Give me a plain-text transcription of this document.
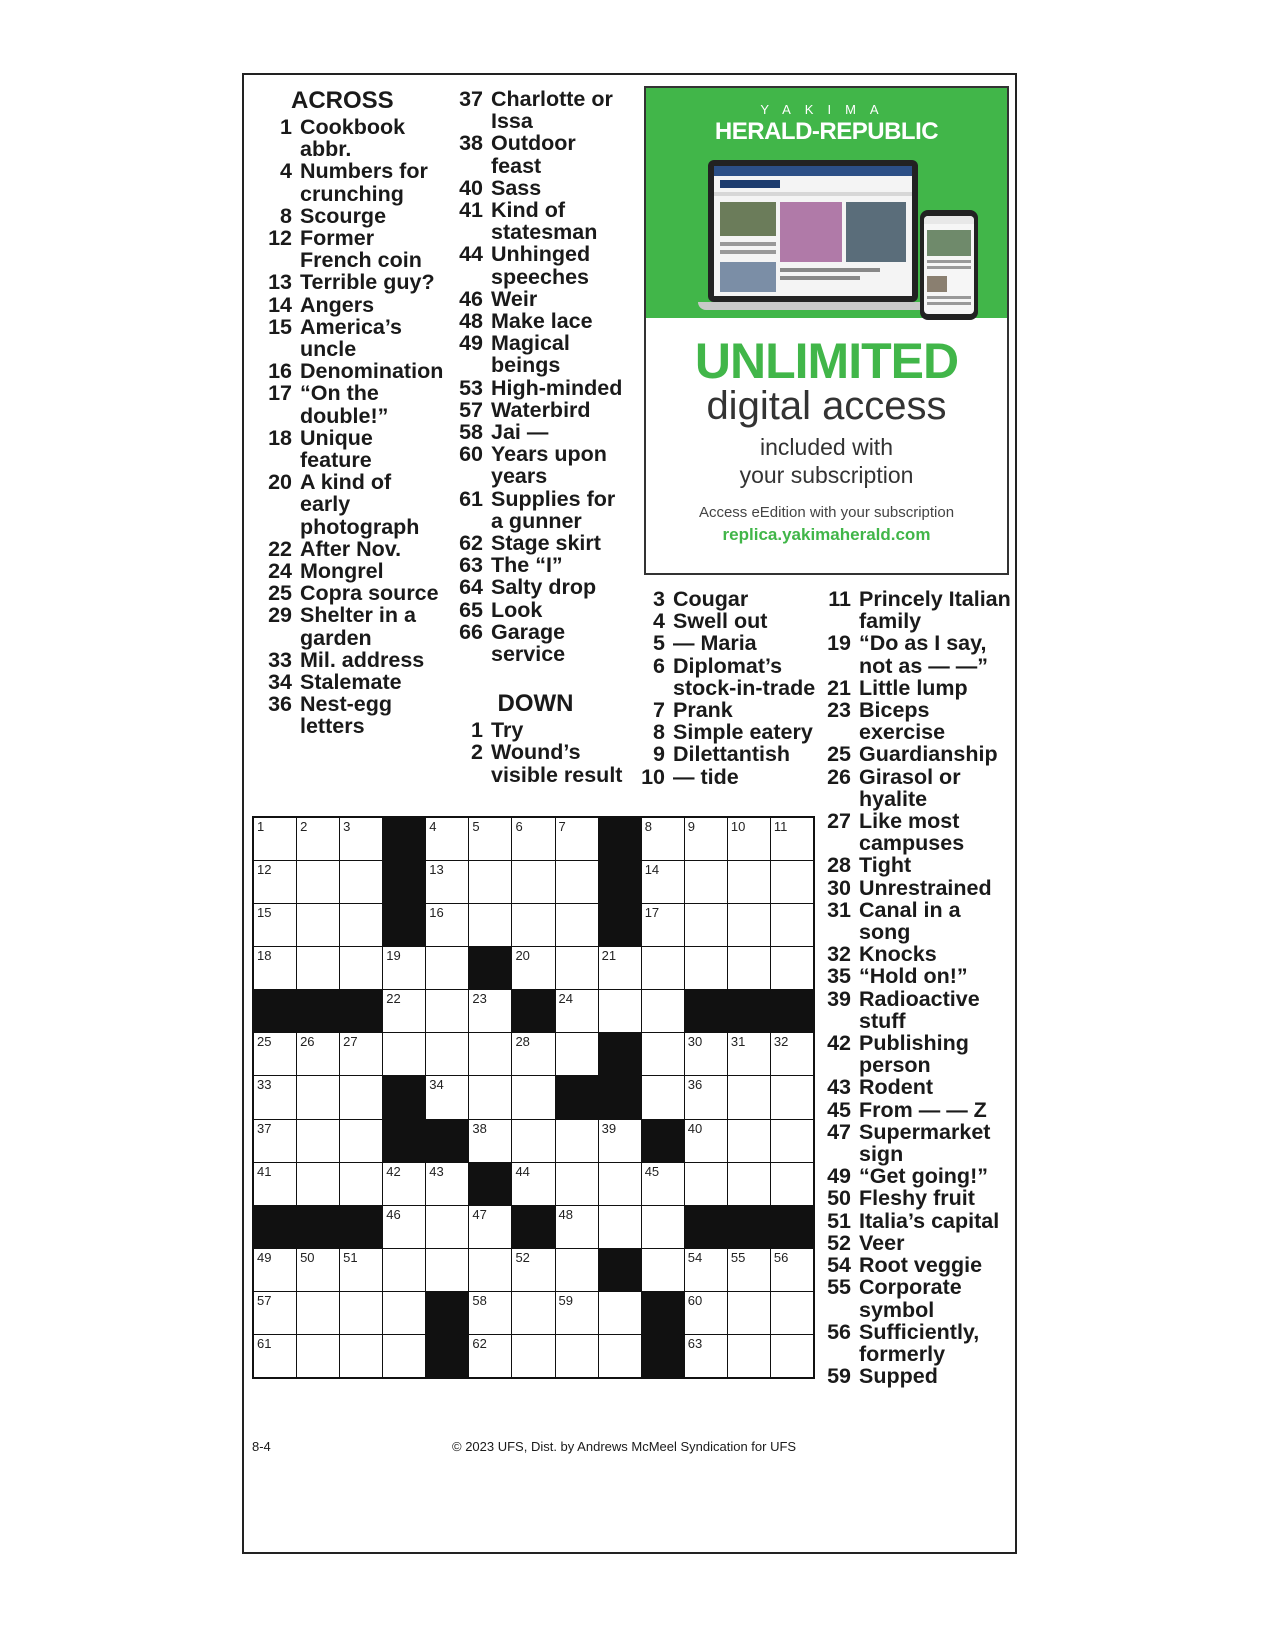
ACROSS
1 Cookbook abbr.
4 Numbers for crunching
8 Scourge
12 Former French coin
13 Terrible guy?
14 Angers
15 America’s uncle
16 Denomination
17 “On the double!”
18 Unique feature
20 A kind of early photograph
22 After Nov.
24 Mongrel
25 Copra source
29 Shelter in a garden
33 Mil. address
34 Stalemate
36 Nest-egg letters
37 Charlotte or Issa
38 Outdoor feast
40 Sass
41 Kind of statesman
44 Unhinged speeches
46 Weir
48 Make lace
49 Magical beings
53 High-minded
57 Waterbird
58 Jai —
60 Years upon years
61 Supplies for a gunner
62 Stage skirt
63 The “I”
64 Salty drop
65 Look
66 Garage service
DOWN
1 Try
2 Wound’s visible result
3 Cougar
4 Swell out
5 — Maria
6 Diplomat’s stock-in-trade
7 Prank
8 Simple eatery
9 Dilettantish
10 — tide
11 Princely Italian family
19 “Do as I say, not as — —”
21 Little lump
23 Biceps exercise
25 Guardianship
26 Girasol or hyalite
27 Like most campuses
28 Tight
30 Unrestrained
31 Canal in a song
32 Knocks
35 “Hold on!”
39 Radioactive stuff
42 Publishing person
43 Rodent
45 From — — Z
47 Supermarket sign
49 “Get going!”
50 Fleshy fruit
51 Italia’s capital
52 Veer
54 Root veggie
55 Corporate symbol
56 Sufficiently, formerly
59 Supped
YAKIMA
HERALD-REPUBLIC
UNLIMITED
digital access
included with
your subscription
Access eEdition with your subscription
replica.yakimaherald.com
1	2	3	4	5	6	7	8	9	10 11
12	13	14
15	16	17
18	19	20	21
22	23	24
25 26 27	28	30 31 32
33	34	36
37	38	39	40
41	42 43	44	45
46	47	48
49 50 51	52	54 55 56
57	58	59	60
61	62	63
8-4	© 2023 UFS, Dist. by Andrews McMeel Syndication for UFS
